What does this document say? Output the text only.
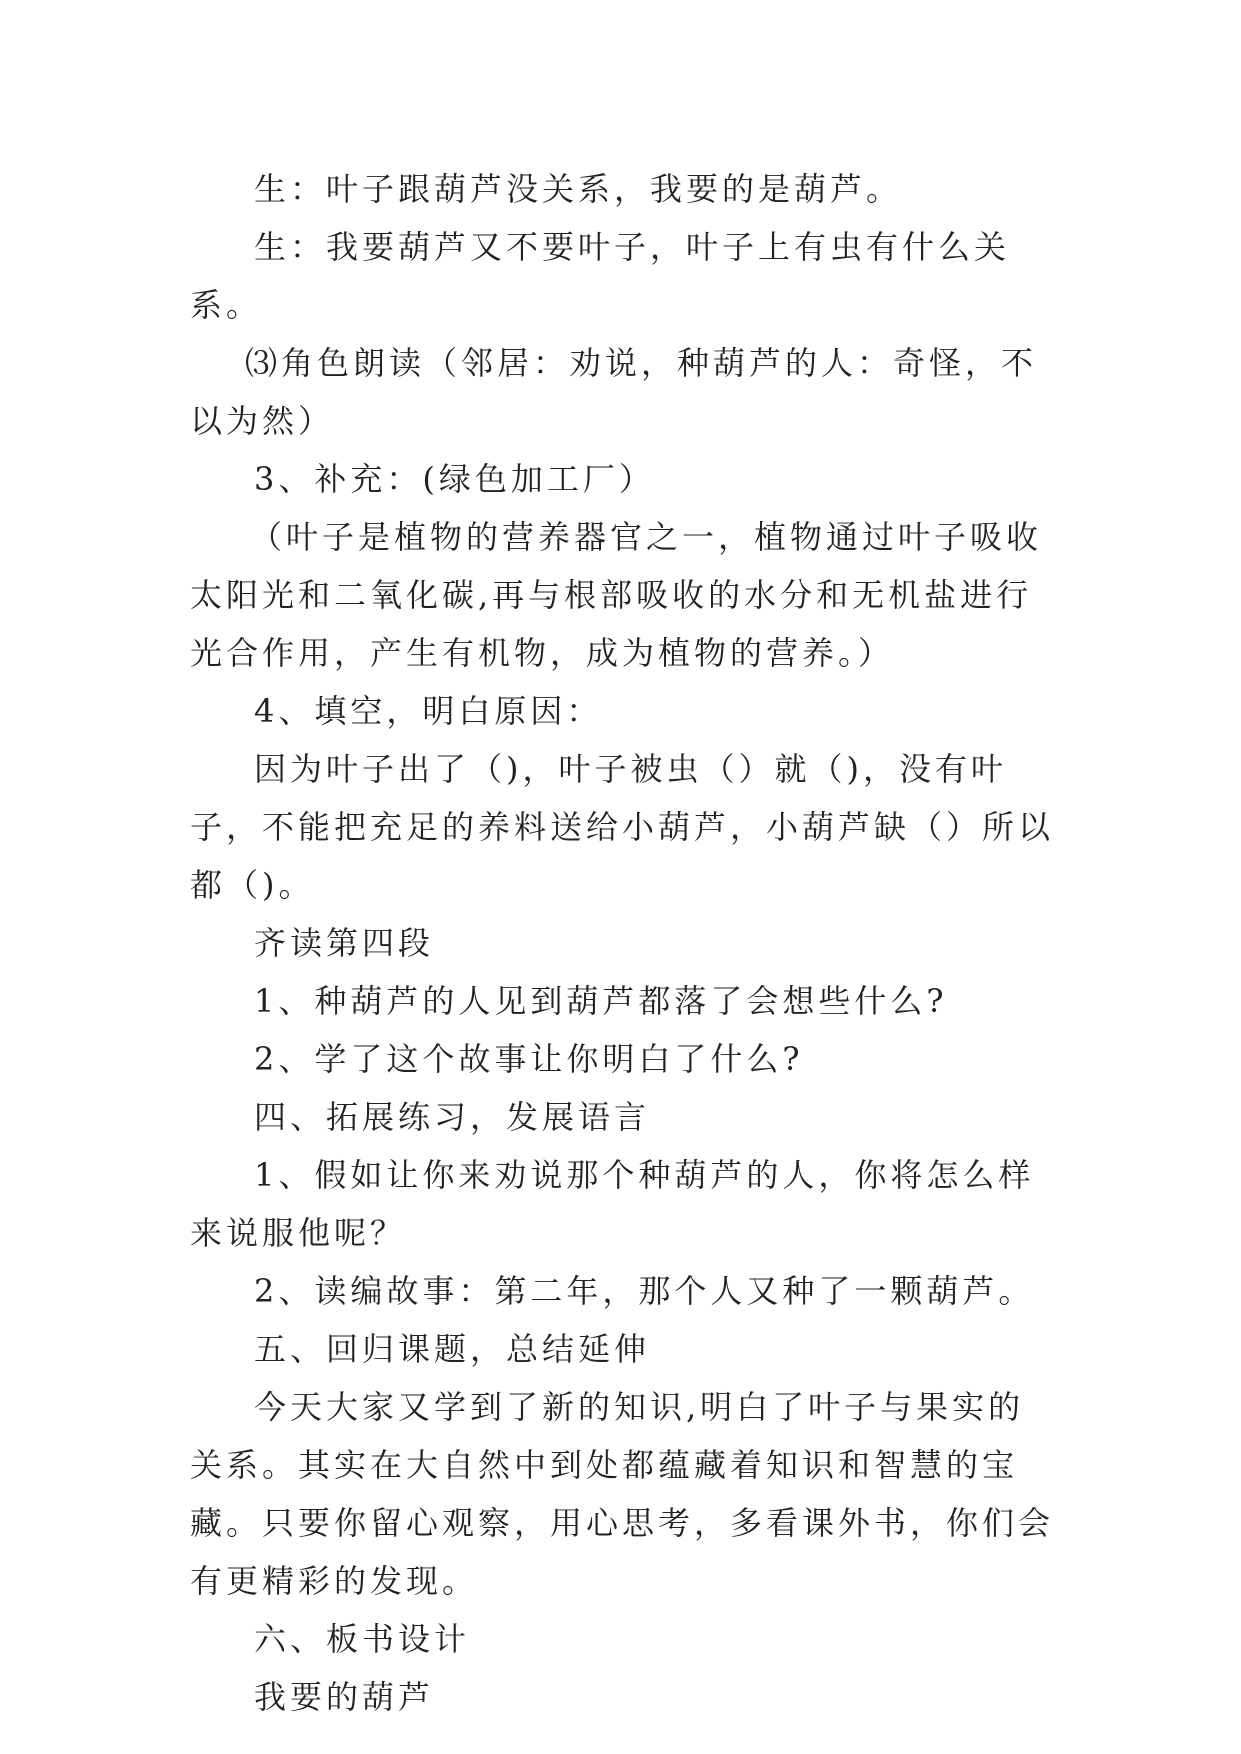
生：叶子跟葫芦没关系，我要的是葫芦。

生：我要葫芦又不要叶子，叶子上有虫有什么关系。

⑶角色朗读（邻居：劝说，种葫芦的人：奇怪，不以为然）

3、补充：(绿色加工厂）

（叶子是植物的营养器官之一，植物通过叶子吸收太阳光和二氧化碳,再与根部吸收的水分和无机盐进行光合作用，产生有机物，成为植物的营养。）

4、填空，明白原因：

因为叶子出了（)，叶子被虫（）就（)，没有叶子，不能把充足的养料送给小葫芦，小葫芦缺（）所以都（)。

齐读第四段

1、种葫芦的人见到葫芦都落了会想些什么?

2、学了这个故事让你明白了什么?

四、拓展练习，发展语言

1、假如让你来劝说那个种葫芦的人，你将怎么样来说服他呢？

2、读编故事：第二年，那个人又种了一颗葫芦。

五、回归课题，总结延伸

今天大家又学到了新的知识,明白了叶子与果实的关系。其实在大自然中到处都蕴藏着知识和智慧的宝藏。只要你留心观察，用心思考，多看课外书，你们会有更精彩的发现。

六、板书设计

我要的葫芦
